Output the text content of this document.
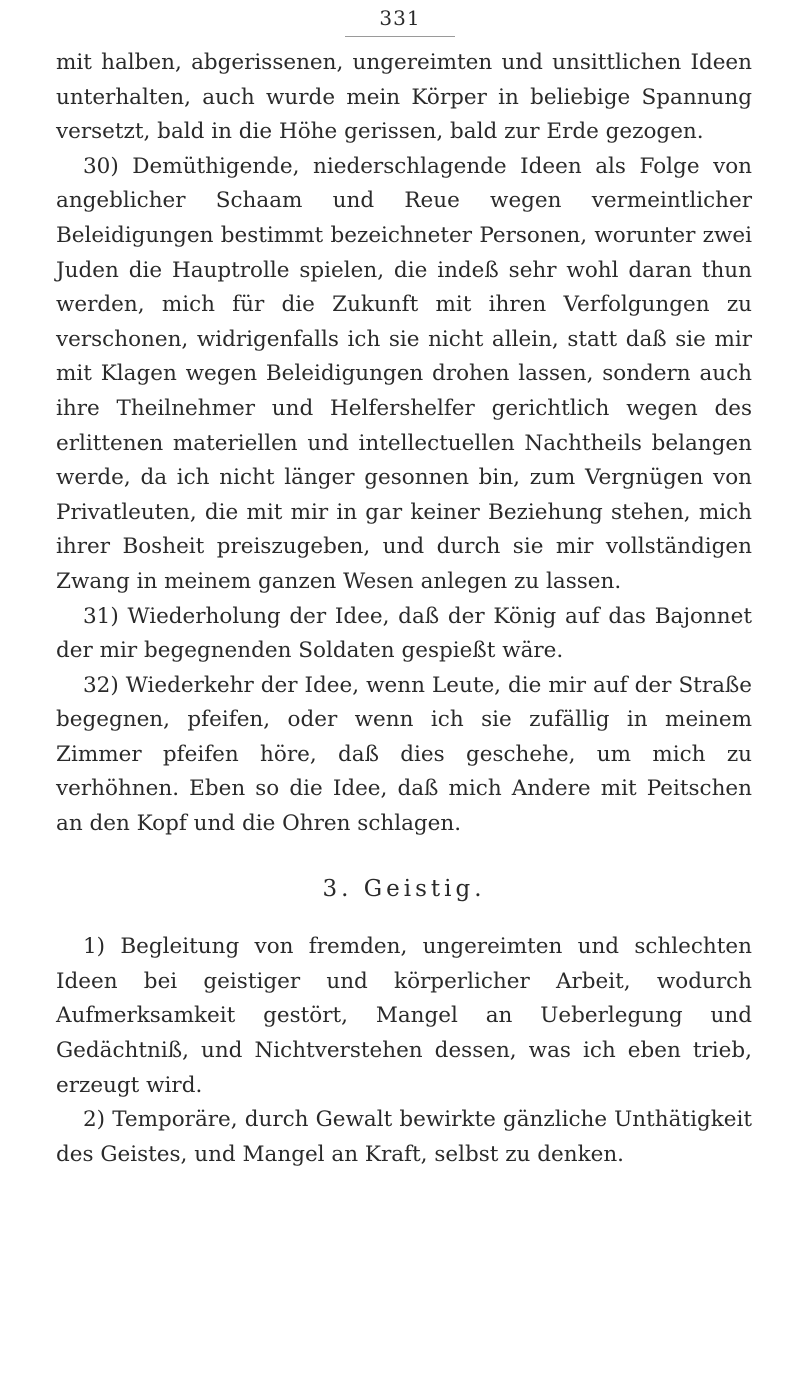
331

mit halben, abgerissenen, ungereimten und unsittlichen Ideen unterhalten, auch wurde mein Körper in beliebige Spannung versetzt, bald in die Höhe gerissen, bald zur Erde gezogen.

30) Demüthigende, niederschlagende Ideen als Folge von angeblicher Schaam und Reue wegen vermeintlicher Beleidigungen bestimmt bezeichneter Personen, worunter zwei Juden die Hauptrolle spielen, die indeß sehr wohl daran thun werden, mich für die Zukunft mit ihren Verfolgungen zu verschonen, widrigenfalls ich sie nicht allein, statt daß sie mir mit Klagen wegen Beleidigungen drohen lassen, sondern auch ihre Theilnehmer und Helfershelfer gerichtlich wegen des erlittenen materiellen und intellectuellen Nachtheils belangen werde, da ich nicht länger gesonnen bin, zum Vergnügen von Privatleuten, die mit mir in gar keiner Beziehung stehen, mich ihrer Bosheit preiszugeben, und durch sie mir vollständigen Zwang in meinem ganzen Wesen anlegen zu lassen.

31) Wiederholung der Idee, daß der König auf das Bajonnet der mir begegnenden Soldaten gespießt wäre.

32) Wiederkehr der Idee, wenn Leute, die mir auf der Straße begegnen, pfeifen, oder wenn ich sie zufällig in meinem Zimmer pfeifen höre, daß dies geschehe, um mich zu verhöhnen. Eben so die Idee, daß mich Andere mit Peitschen an den Kopf und die Ohren schlagen.

3. Geistig.

1) Begleitung von fremden, ungereimten und schlechten Ideen bei geistiger und körperlicher Arbeit, wodurch Aufmerksamkeit gestört, Mangel an Ueberlegung und Gedächtniß, und Nichtverstehen dessen, was ich eben trieb, erzeugt wird.

2) Temporäre, durch Gewalt bewirkte gänzliche Unthätigkeit des Geistes, und Mangel an Kraft, selbst zu denken.
